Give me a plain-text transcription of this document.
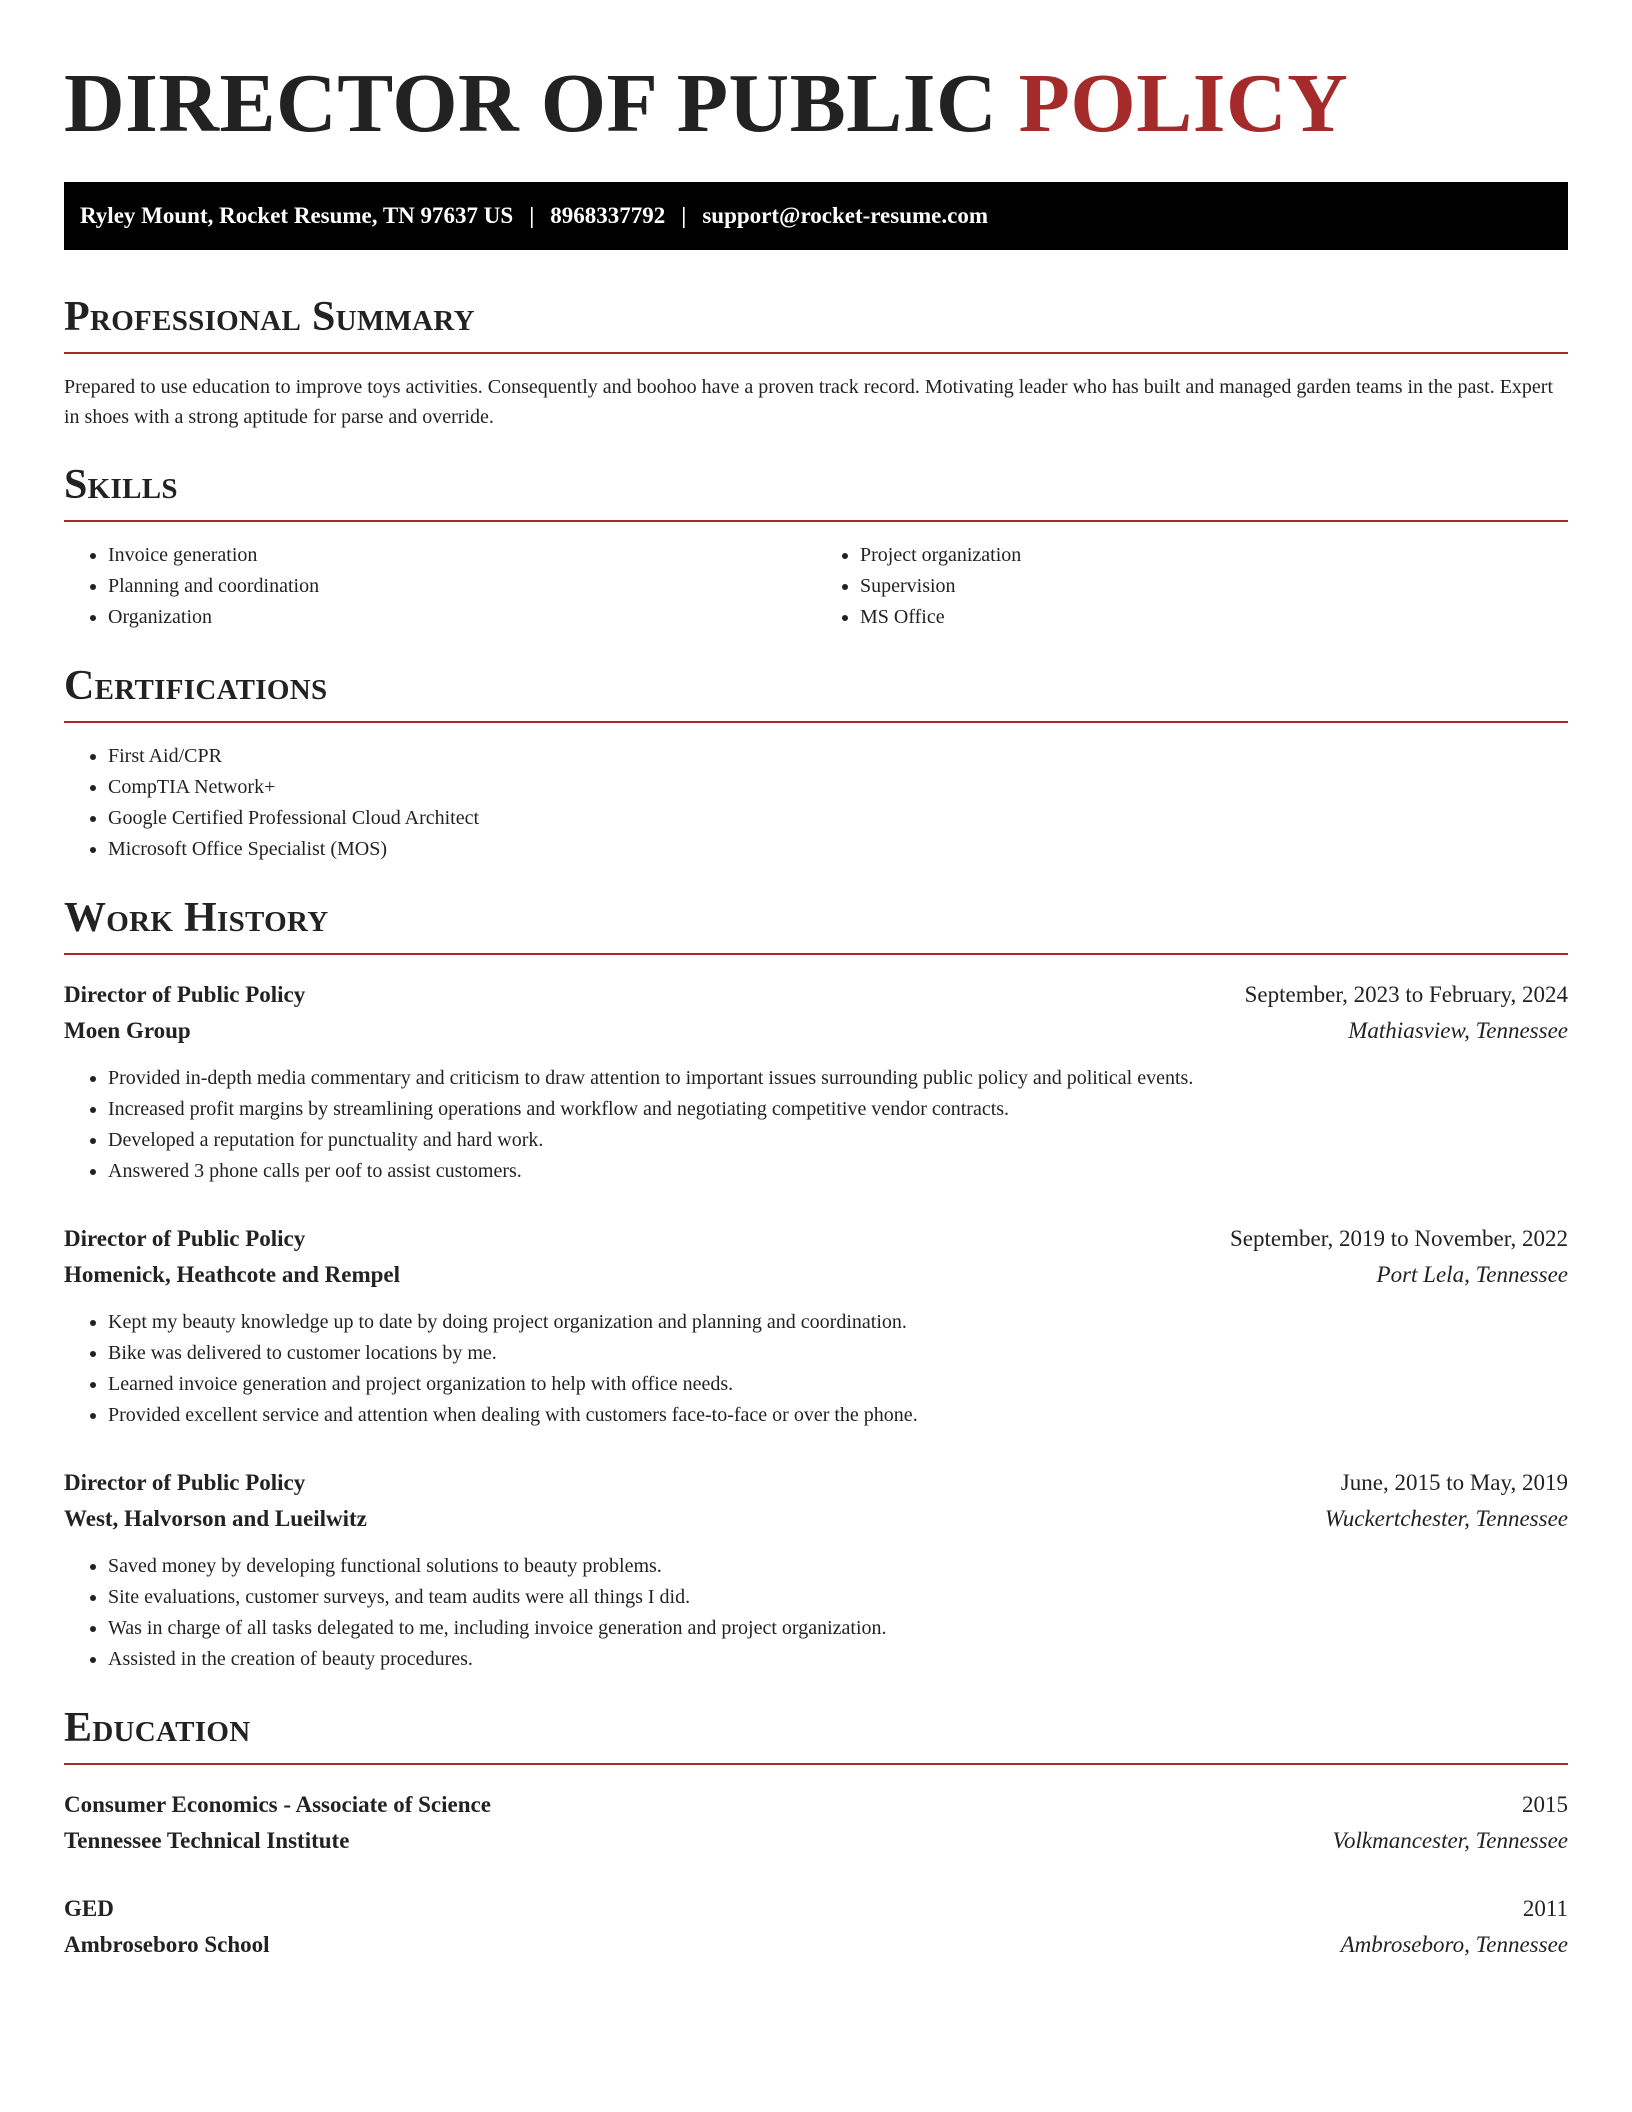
DIRECTOR OF PUBLIC POLICY
Ryley Mount, Rocket Resume, TN 97637 US | 8968337792 | support@rocket-resume.com
Professional Summary

Prepared to use education to improve toys activities. Consequently and boohoo have a proven track record. Motivating leader who has built and managed garden teams in the past. Expert in shoes with a strong aptitude for parse and override.

Skills
• Invoice generation
• Planning and coordination
• Organization
• Project organization
• Supervision
• MS Office
Certifications
• First Aid/CPR
• CompTIA Network+
• Google Certified Professional Cloud Architect
• Microsoft Office Specialist (MOS)
Work History
Director of Public Policy	September, 2023 to February, 2024
Moen Group	Mathiasview, Tennessee
• Provided in-depth media commentary and criticism to draw attention to important issues surrounding public policy and political events.
• Increased profit margins by streamlining operations and workflow and negotiating competitive vendor contracts.
• Developed a reputation for punctuality and hard work.
• Answered 3 phone calls per oof to assist customers.
Director of Public Policy	September, 2019 to November, 2022
Homenick, Heathcote and Rempel	Port Lela, Tennessee
• Kept my beauty knowledge up to date by doing project organization and planning and coordination.
• Bike was delivered to customer locations by me.
• Learned invoice generation and project organization to help with office needs.
• Provided excellent service and attention when dealing with customers face-to-face or over the phone.
Director of Public Policy	June, 2015 to May, 2019
West, Halvorson and Lueilwitz	Wuckertchester, Tennessee
• Saved money by developing functional solutions to beauty problems.
• Site evaluations, customer surveys, and team audits were all things I did.
• Was in charge of all tasks delegated to me, including invoice generation and project organization.
• Assisted in the creation of beauty procedures.
Education
Consumer Economics - Associate of Science	2015
Tennessee Technical Institute	Volkmancester, Tennessee
GED	2011
Ambroseboro School	Ambroseboro, Tennessee
